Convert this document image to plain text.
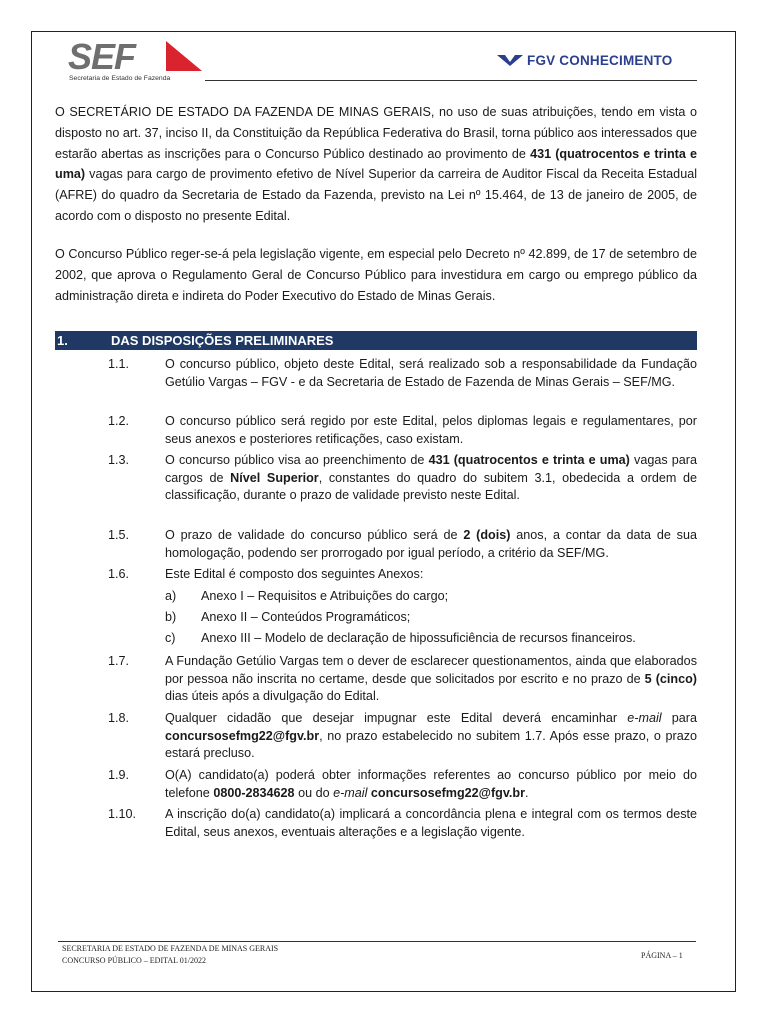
SEF
Secretaria de Estado de Fazenda
FGV CONHECIMENTO

O SECRETÁRIO DE ESTADO DA FAZENDA DE MINAS GERAIS, no uso de suas atribuições, tendo em vista o disposto no art. 37, inciso II, da Constituição da República Federativa do Brasil, torna público aos interessados que estarão abertas as inscrições para o Concurso Público destinado ao provimento de 431 (quatrocentos e trinta e uma) vagas para cargo de provimento efetivo de Nível Superior da carreira de Auditor Fiscal da Receita Estadual (AFRE) do quadro da Secretaria de Estado da Fazenda, previsto na Lei nº 15.464, de 13 de janeiro de 2005, de acordo com o disposto no presente Edital.

O Concurso Público reger-se-á pela legislação vigente, em especial pelo Decreto nº 42.899, de 17 de setembro de 2002, que aprova o Regulamento Geral de Concurso Público para investidura em cargo ou emprego público da administração direta e indireta do Poder Executivo do Estado de Minas Gerais.

1.	DAS DISPOSIÇÕES PRELIMINARES
1.1.	O concurso público, objeto deste Edital, será realizado sob a responsabilidade da Fundação Getúlio Vargas – FGV - e da Secretaria de Estado de Fazenda de Minas Gerais – SEF/MG.

1.2.	O concurso público será regido por este Edital, pelos diplomas legais e regulamentares, por seus anexos e posteriores retificações, caso existam.

1.3.	O concurso público visa ao preenchimento de 431 (quatrocentos e trinta e uma) vagas para cargos de Nível Superior, constantes do quadro do subitem 3.1, obedecida a ordem de classificação, durante o prazo de validade previsto neste Edital.

1.5.	O prazo de validade do concurso público será de 2 (dois) anos, a contar da data de sua homologação, podendo ser prorrogado por igual período, a critério da SEF/MG.

1.6.	Este Edital é composto dos seguintes Anexos:

a) Anexo I – Requisitos e Atribuições do cargo;
b) Anexo II – Conteúdos Programáticos;
c) Anexo III – Modelo de declaração de hipossuficiência de recursos financeiros.
1.7.	A Fundação Getúlio Vargas tem o dever de esclarecer questionamentos, ainda que elaborados por pessoa não inscrita no certame, desde que solicitados por escrito e no prazo de 5 (cinco) dias úteis após a divulgação do Edital.

1.8.	Qualquer cidadão que desejar impugnar este Edital deverá encaminhar e-mail para concursosefmg22@fgv.br, no prazo estabelecido no subitem 1.7. Após esse prazo, o prazo estará precluso.

1.9.	O(A) candidato(a) poderá obter informações referentes ao concurso público por meio do telefone 0800-2834628 ou do e-mail concursosefmg22@fgv.br.

1.10. A inscrição do(a) candidato(a) implicará a concordância plena e integral com os termos deste Edital, seus anexos, eventuais alterações e a legislação vigente.

SECRETARIA DE ESTADO DE FAZENDA DE MINAS GERAIS
CONCURSO PÚBLICO – EDITAL 01/2022
PÁGINA – 1
